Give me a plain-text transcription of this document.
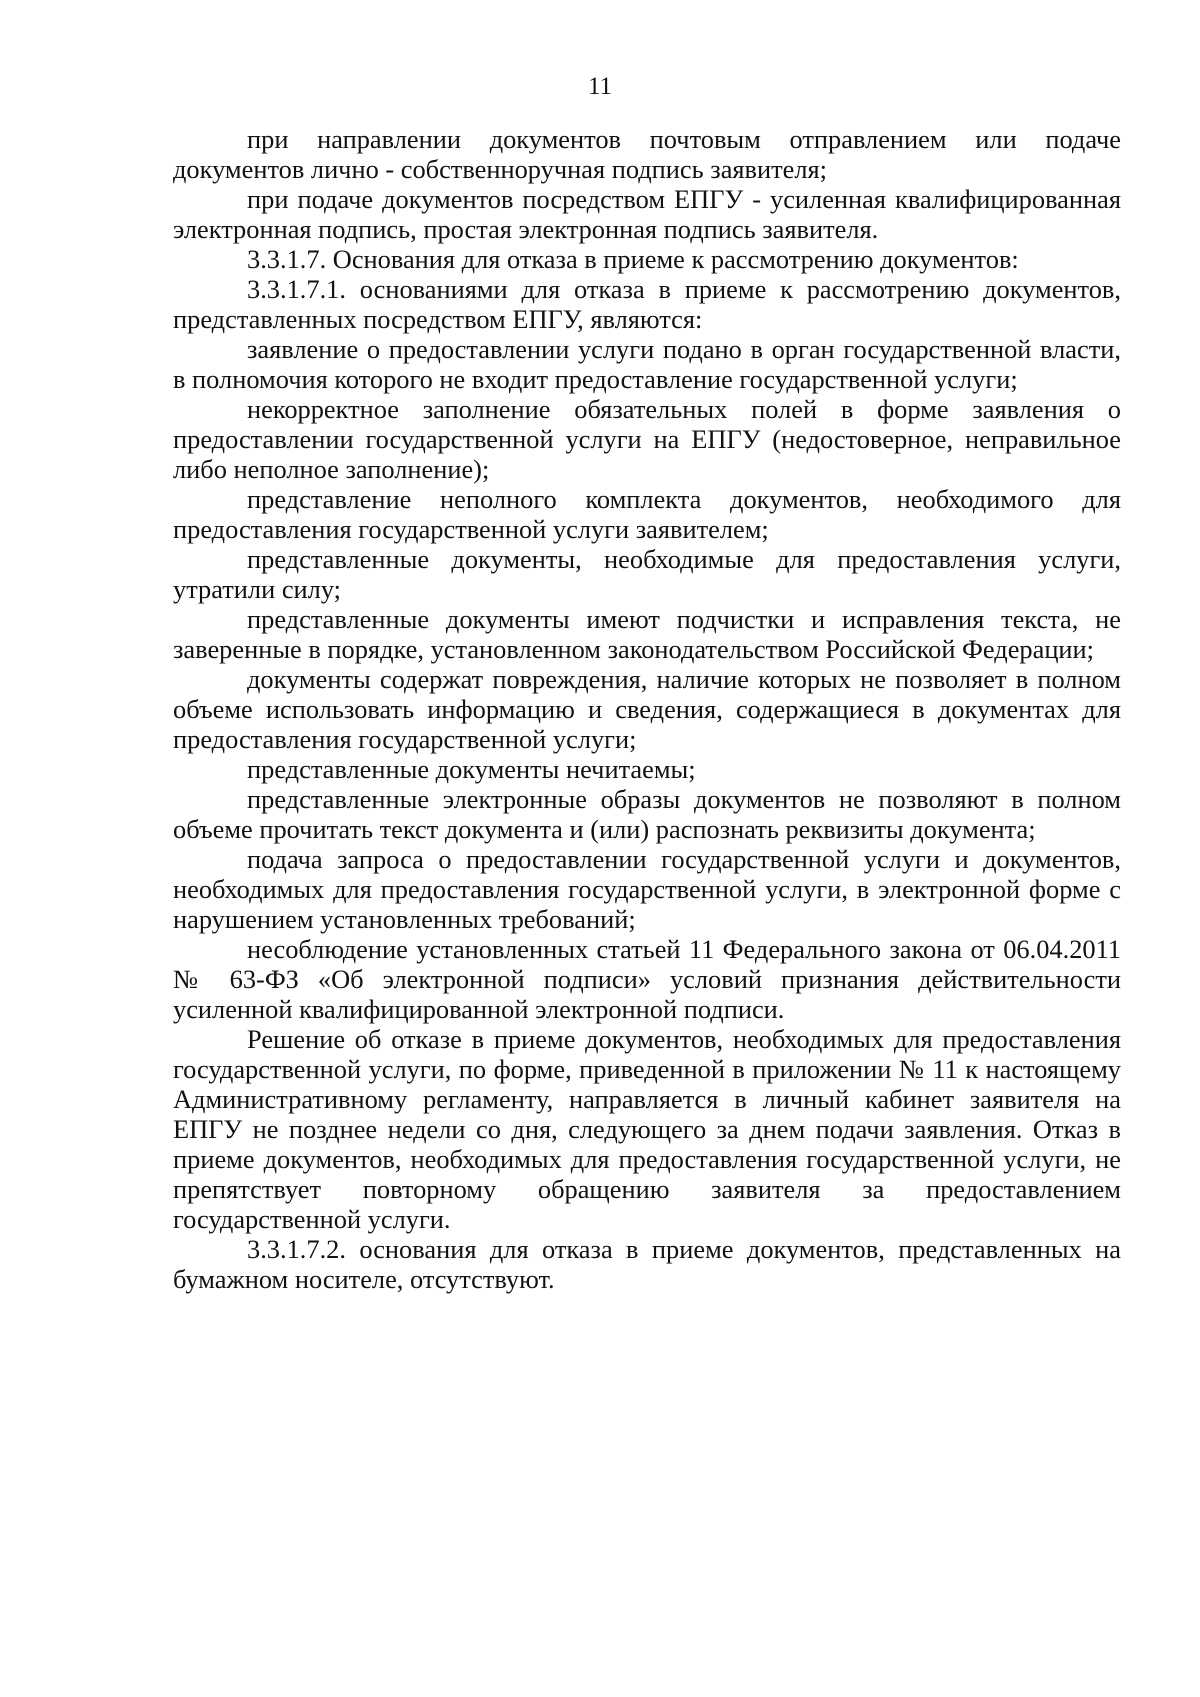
11

при направлении документов почтовым отправлением или подаче документов лично - собственноручная подпись заявителя;

при подаче документов посредством ЕПГУ - усиленная квалифицированная электронная подпись, простая электронная подпись заявителя.

3.3.1.7. Основания для отказа в приеме к рассмотрению документов:

3.3.1.7.1. основаниями для отказа в приеме к рассмотрению документов, представленных посредством ЕПГУ, являются:

заявление о предоставлении услуги подано в орган государственной власти, в полномочия которого не входит предоставление государственной услуги;

некорректное заполнение обязательных полей в форме заявления о предоставлении государственной услуги на ЕПГУ (недостоверное, неправильное либо неполное заполнение);

представление неполного комплекта документов, необходимого для предоставления государственной услуги заявителем;

представленные документы, необходимые для предоставления услуги, утратили силу;

представленные документы имеют подчистки и исправления текста, не заверенные в порядке, установленном законодательством Российской Федерации;

документы содержат повреждения, наличие которых не позволяет в полном объеме использовать информацию и сведения, содержащиеся в документах для предоставления государственной услуги;

представленные документы нечитаемы;

представленные электронные образы документов не позволяют в полном объеме прочитать текст документа и (или) распознать реквизиты документа;

подача запроса о предоставлении государственной услуги и документов, необходимых для предоставления государственной услуги, в электронной форме с нарушением установленных требований;

несоблюдение установленных статьей 11 Федерального закона от 06.04.2011 № 63-ФЗ «Об электронной подписи» условий признания действительности усиленной квалифицированной электронной подписи.

Решение об отказе в приеме документов, необходимых для предоставления государственной услуги, по форме, приведенной в приложении № 11 к настоящему Административному регламенту, направляется в личный кабинет заявителя на ЕПГУ не позднее недели со дня, следующего за днем подачи заявления. Отказ в приеме документов, необходимых для предоставления государственной услуги, не препятствует повторному обращению заявителя за предоставлением государственной услуги.

3.3.1.7.2. основания для отказа в приеме документов, представленных на бумажном носителе, отсутствуют.
